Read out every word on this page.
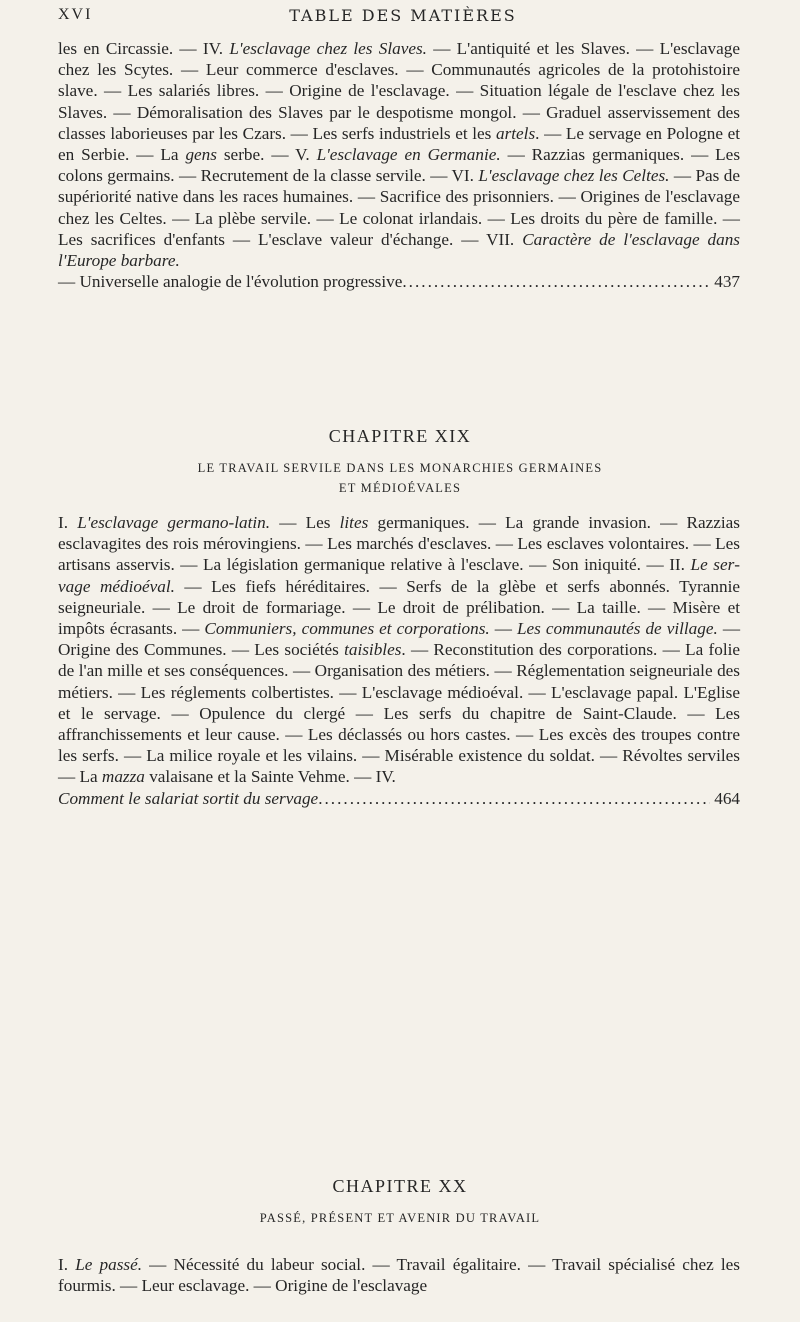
XVI	TABLE DES MATIÈRES
les en Circassie. — IV. L'esclavage chez les Slaves. — L'antiquité et les Slaves. — L'esclavage chez les Scytes. — Leur commerce d'esclaves. — Communautés agricoles de la protohistoire slave. — Les salariés libres. — Origine de l'esclavage. — Situation légale de l'esclave chez les Slaves. — Démoralisation des Slaves par le despotisme mongol. — Graduel asservissement des classes laborieuses par les Czars. — Les serfs industriels et les artels. — Le servage en Pologne et en Serbie. — La gens serbe. — V. L'esclavage en Germanie. — Razzias germaniques. — Les colons germains. — Recrutement de la classe servile. — VI. L'esclavage chez les Celtes. — Pas de supériorité native dans les races humaines. — Sacrifice des prisonniers. — Origines de l'esclavage chez les Celtes. — La plèbe servile. — Le colonat irlandais. — Les droits du père de famille. — Les sacrifices d'enfants — L'esclave valeur d'échange. — VII. Caractère de l'esclavage dans l'Europe barbare.
— Universelle analogie de l'évolution progressive .....	437
CHAPITRE XIX
LE TRAVAIL SERVILE DANS LES MONARCHIES GERMAINES
ET MÉDIOÉVALES
I. L'esclavage germano-latin. — Les lites germaniques. — La grande invasion. — Razzias esclavagites des rois mérovingiens. — Les marchés d'esclaves. — Les esclaves volontaires. — Les artisans asservis. — La législation germanique relative à l'esclave. — Son iniquité. — II. Le servage médioéval. — Les fiefs héréditaires. — Serfs de la glèbe et serfs abonnés. Tyrannie seigneuriale. — Le droit de formariage. — Le droit de prélibation. — La taille. — Misère et impôts écrasants. — Communiers, communes et corporations. — Les communautés de village. — Origine des Communes. — Les sociétés taisibles. — Reconstitution des corporations. — La folie de l'an mille et ses conséquences. — Organisation des métiers. — Réglementation seigneuriale des métiers. — Les réglements colbertistes. — L'esclavage médioéval. — L'esclavage papal. L'Eglise et le servage. — Opulence du clergé — Les serfs du chapitre de Saint-Claude. — Les affranchissements et leur cause. — Les déclassés ou hors castes. — Les excès des troupes contre les serfs. — La milice royale et les vilains. — Misérable existence du soldat. — Révoltes serviles — La mazza valaisane et la Sainte Vehme. — IV.
Comment le salariat sortit du servage .....	464
CHAPITRE XX
PASSÉ, PRÉSENT ET AVENIR DU TRAVAIL
I. Le passé. — Nécessité du labeur social. — Travail égalitaire. — Travail spécialisé chez les fourmis. — Leur esclavage. — Origine de l'esclavage
